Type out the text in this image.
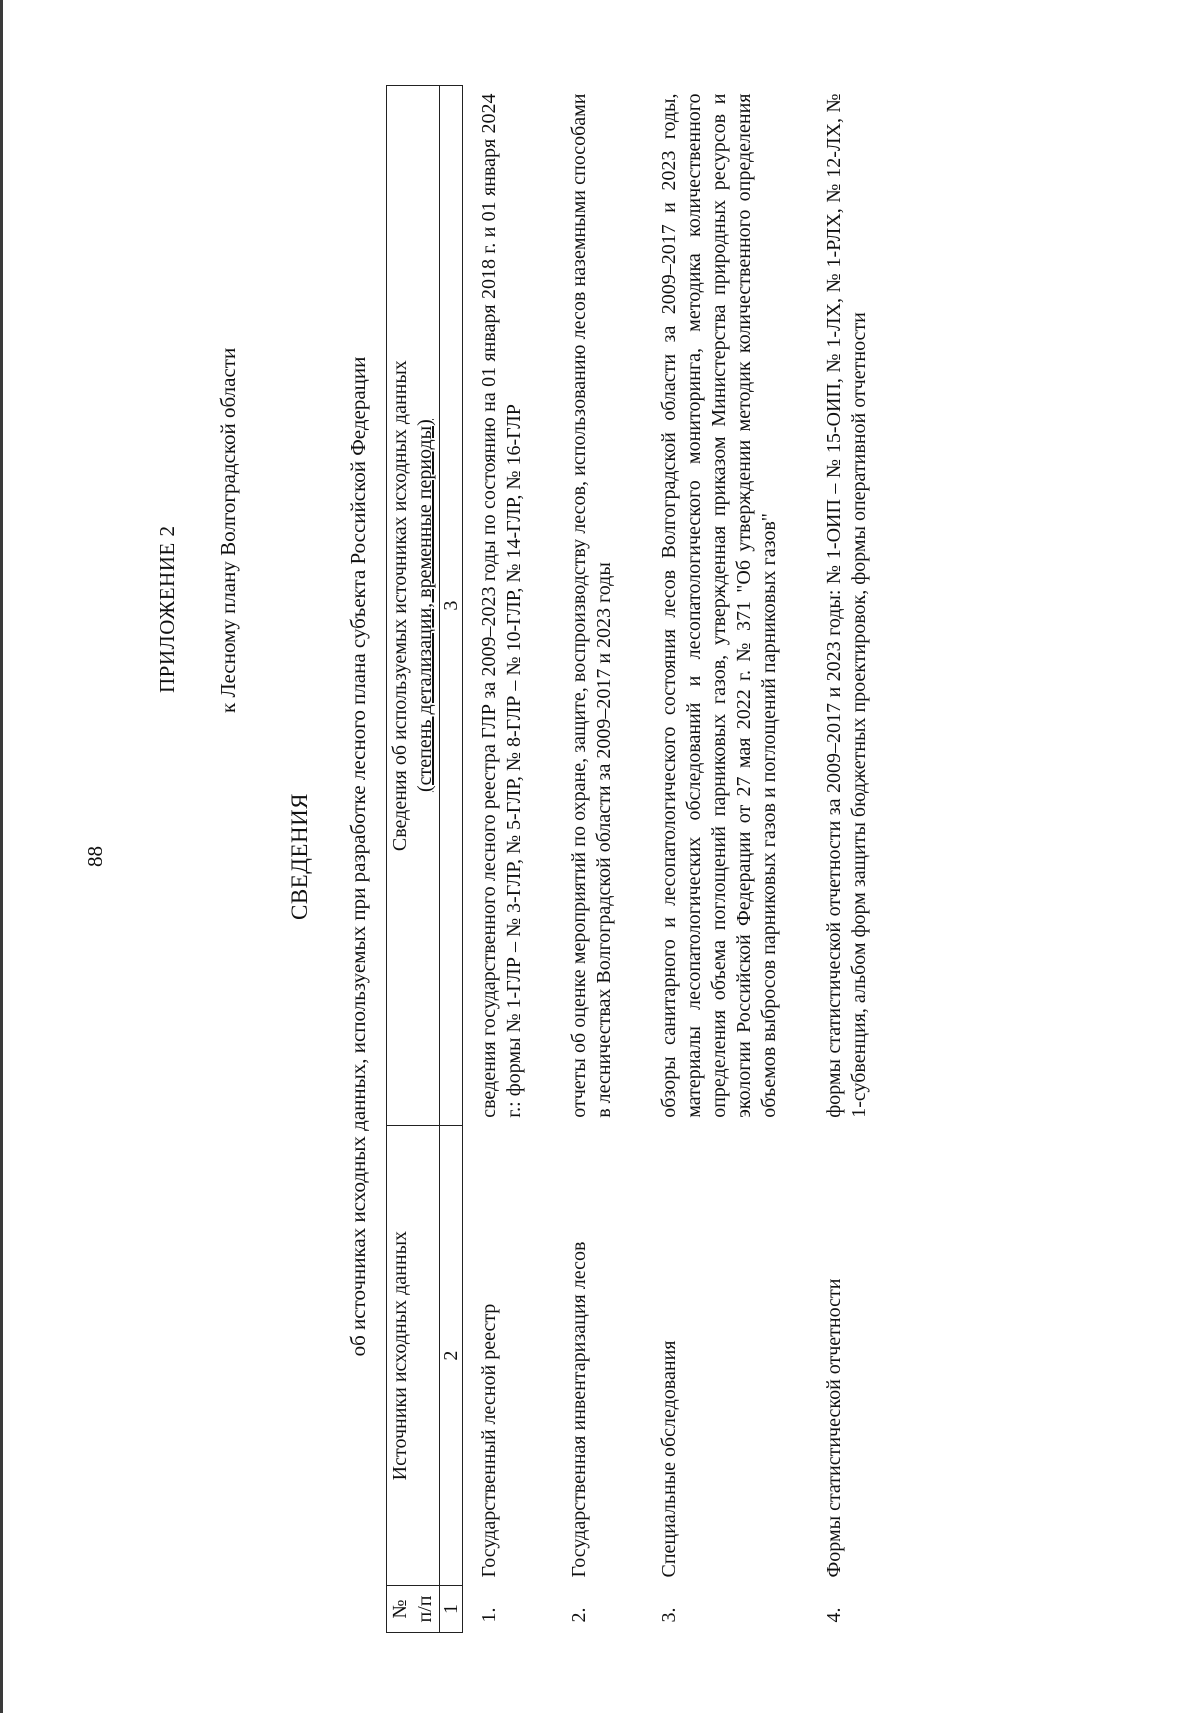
88
ПРИЛОЖЕНИЕ 2 к Лесному плану Волгоградской области
СВЕДЕНИЯ об источниках исходных данных, используемых при разработке лесного плана субъекта Российской Федерации
№ п/п	Источники исходных данных	Сведения об используемых источниках исходных данных (степень детализации, временные периоды)

1	2	3
1.	Государственный лесной реестр	сведения государственного лесного реестра ГЛР за 2009–2023 годы по состоянию на 01 января 2018 г. и 01 января 2024 г.: формы № 1-ГЛР – № 3-ГЛР, № 5-ГЛР, № 8-ГЛР – № 10-ГЛР, № 14-ГЛР, № 16-ГЛР
2.	Государственная инвентаризация лесов	отчеты об оценке мероприятий по охране, защите, воспроизводству лесов, использованию лесов наземными способами в лесничествах Волгоградской области за 2009–2017 и 2023 годы
3.	Специальные обследования	обзоры санитарного и лесопатологического состояния лесов Волгоградской области за 2009–2017 и 2023 годы, материалы лесопатологических обследований и лесопатологического мониторинга, методика количественного определения объема поглощений парниковых газов, утвержденная приказом Министерства природных ресурсов и экологии Российской Федерации от 27 мая 2022 г. № 371 "Об утверждении методик количественного определения объемов выбросов парниковых газов и поглощений парниковых газов"
4.	Формы статистической отчетности	формы статистической отчетности за 2009–2017 и 2023 годы: № 1-ОИП – № 15-ОИП, № 1-ЛХ, № 1-РЛХ, № 12-ЛХ, № 1-субвенция, альбом форм защиты бюджетных проектировок, формы оперативной отчетности
